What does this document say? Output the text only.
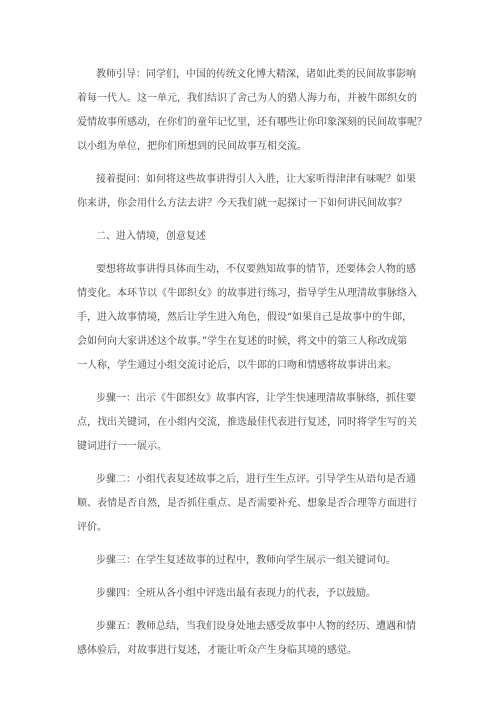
教师引导：同学们，中国的传统文化博大精深，诸如此类的民间故事影响
着每一代人。这一单元，我们结识了舍己为人的猎人海力布，并被牛郎织女的
爱情故事所感动，在你们的童年记忆里，还有哪些让你印象深刻的民间故事呢？
以小组为单位，把你们所想到的民间故事互相交流。
接着提问：如何将这些故事讲得引人入胜，让大家听得津津有味呢？如果
你来讲，你会用什么方法去讲？今天我们就一起探讨一下如何讲民间故事？
二、进入情境，创意复述
要想将故事讲得具体而生动，不仅要熟知故事的情节，还要体会人物的感
情变化。本环节以《牛郎织女》的故事进行练习，指导学生从理清故事脉络入
手，进入故事情境，然后让学生进入角色，假设“如果自己是故事中的牛郎，
会如何向大家讲述这个故事。”学生在复述的时候，将文中的第三人称改成第
一人称，学生通过小组交流讨论后，以牛郎的口吻和情感将故事讲出来。
步骤一：出示《牛郎织女》故事内容，让学生快速理清故事脉络，抓住要
点，找出关键词，在小组内交流，推选最佳代表进行复述，同时将学生写的关
键词进行一一展示。
步骤二：小组代表复述故事之后，进行生生点评。引导学生从语句是否通
顺、表情是否自然，是否抓住重点、是否需要补充、想象是否合理等方面进行
评价。
步骤三：在学生复述故事的过程中，教师向学生展示一组关键词句。
步骤四：全班从各小组中评选出最有表现力的代表，予以鼓励。
步骤五：教师总结，当我们设身处地去感受故事中人物的经历、遭遇和情
感体验后，对故事进行复述，才能让听众产生身临其境的感觉。
